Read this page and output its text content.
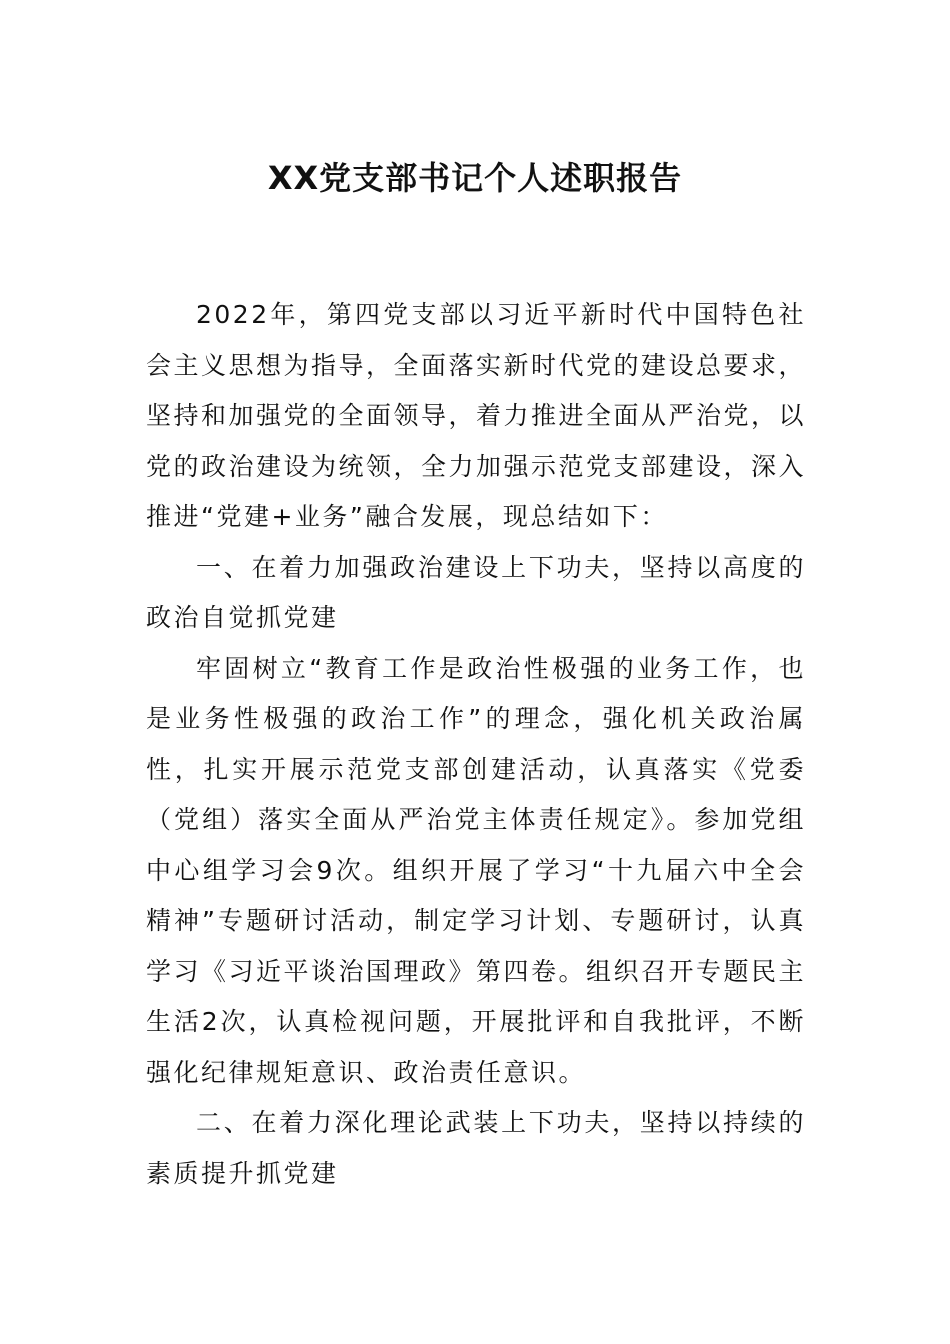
XX党支部书记个人述职报告

2022年，第四党支部以习近平新时代中国特色社会主义思想为指导，全面落实新时代党的建设总要求，坚持和加强党的全面领导，着力推进全面从严治党，以党的政治建设为统领，全力加强示范党支部建设，深入推进“党建+业务”融合发展，现总结如下：

一、在着力加强政治建设上下功夫，坚持以高度的政治自觉抓党建

牢固树立“教育工作是政治性极强的业务工作，也是业务性极强的政治工作”的理念，强化机关政治属性，扎实开展示范党支部创建活动，认真落实《党委（党组）落实全面从严治党主体责任规定》。参加党组中心组学习会9次。组织开展了学习“十九届六中全会精神”专题研讨活动，制定学习计划、专题研讨，认真学习《习近平谈治国理政》第四卷。组织召开专题民主生活2次，认真检视问题，开展批评和自我批评，不断强化纪律规矩意识、政治责任意识。

二、在着力深化理论武装上下功夫，坚持以持续的素质提升抓党建
